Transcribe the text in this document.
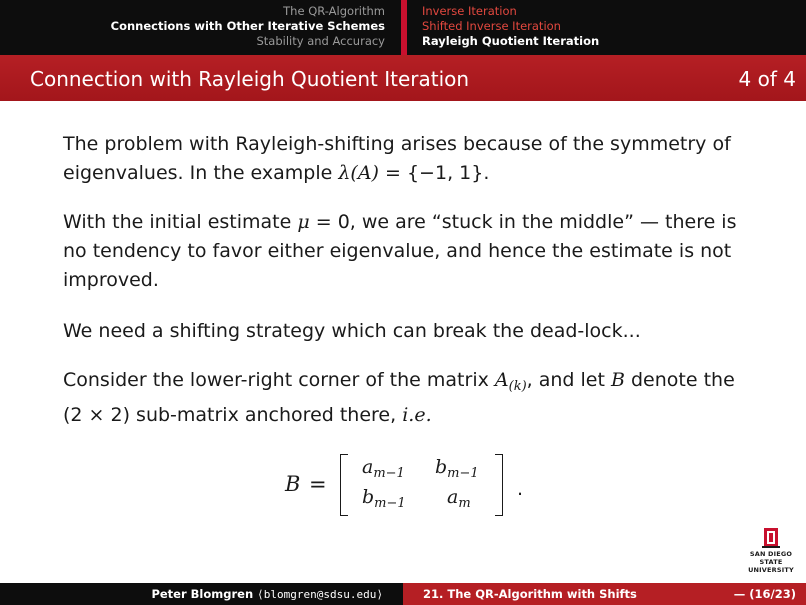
The QR-Algorithm
Connections with Other Iterative Schemes
Stability and Accuracy
Inverse Iteration
Shifted Inverse Iteration
Rayleigh Quotient Iteration
Connection with Rayleigh Quotient Iteration	4 of 4
The problem with Rayleigh-shifting arises because of the symmetry of eigenvalues. In the example λ(A) = {−1, 1}.
With the initial estimate μ = 0, we are “stuck in the middle” — there is no tendency to favor either eigenvalue, and hence the estimate is not improved.
We need a shifting strategy which can break the dead-lock...
Consider the lower-right corner of the matrix $A_{(k)}$, and let B denote the (2 × 2) sub-matrix anchored there, i.e.
B =
$a_{m-1}$ $b_{m-1}$
$b_{m-1}$ $a_m$
.
SAN DIEGO STATE
UNIVERSITY
Peter Blomgren ⟨blomgren@sdsu.edu⟩	21. The QR-Algorithm with Shifts	— (16/23)
